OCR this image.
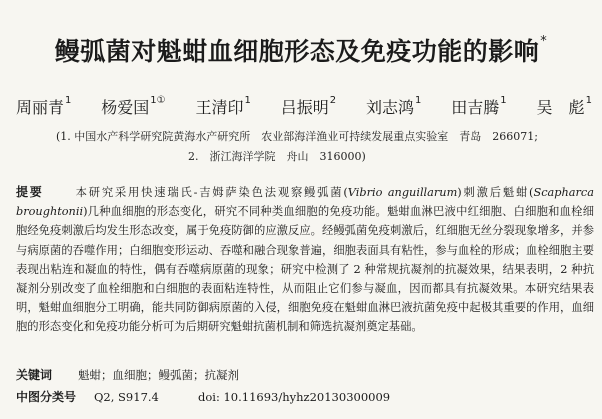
鳗弧菌对魁蚶血细胞形态及免疫功能的影响*
周丽青$^1$ 杨爱国$^{1①}$ 王清印$^1$ 吕振明$^2$ 刘志鸿$^1$ 田吉腾$^1$ 吴　彪$^1$
(1. 中国水产科学研究院黄海水产研究所　农业部海洋渔业可持续发展重点实验室　青岛　266071;
2.　浙江海洋学院　舟山　316000)
提要	本研究采用快速瑞氏-吉姆萨染色法观察鳗弧菌(Vibrio anguillarum)刺激后魁蚶(Scapharca broughtonii)几种血细胞的形态变化，研究不同种类血细胞的免疫功能。魁蚶血淋巴液中红细胞、白细胞和血栓细胞经免疫刺激后均发生形态改变，属于免疫防御的应激反应。经鳗弧菌免疫刺激后，红细胞无丝分裂现象增多，并参与病原菌的吞噬作用；白细胞变形运动、吞噬和融合现象普遍，细胞表面具有粘性，参与血栓的形成；血栓细胞主要表现出粘连和凝血的特性，偶有吞噬病原菌的现象；研究中检测了 2 种常规抗凝剂的抗凝效果，结果表明，2 种抗凝剂分别改变了血栓细胞和白细胞的表面粘连特性，从而阻止它们参与凝血，因而都具有抗凝效果。本研究结果表明，魁蚶血细胞分工明确，能共同防御病原菌的入侵，细胞免疫在魁蚶血淋巴液抗菌免疫中起极其重要的作用，血细胞的形态变化和免疫功能分析可为后期研究魁蚶抗菌机制和筛选抗凝剂奠定基础。
关键词 魁蚶；血细胞；鳗弧菌；抗凝剂
中图分类号 Q2, S917.4	doi: 10.11693/hyhz20130300009
